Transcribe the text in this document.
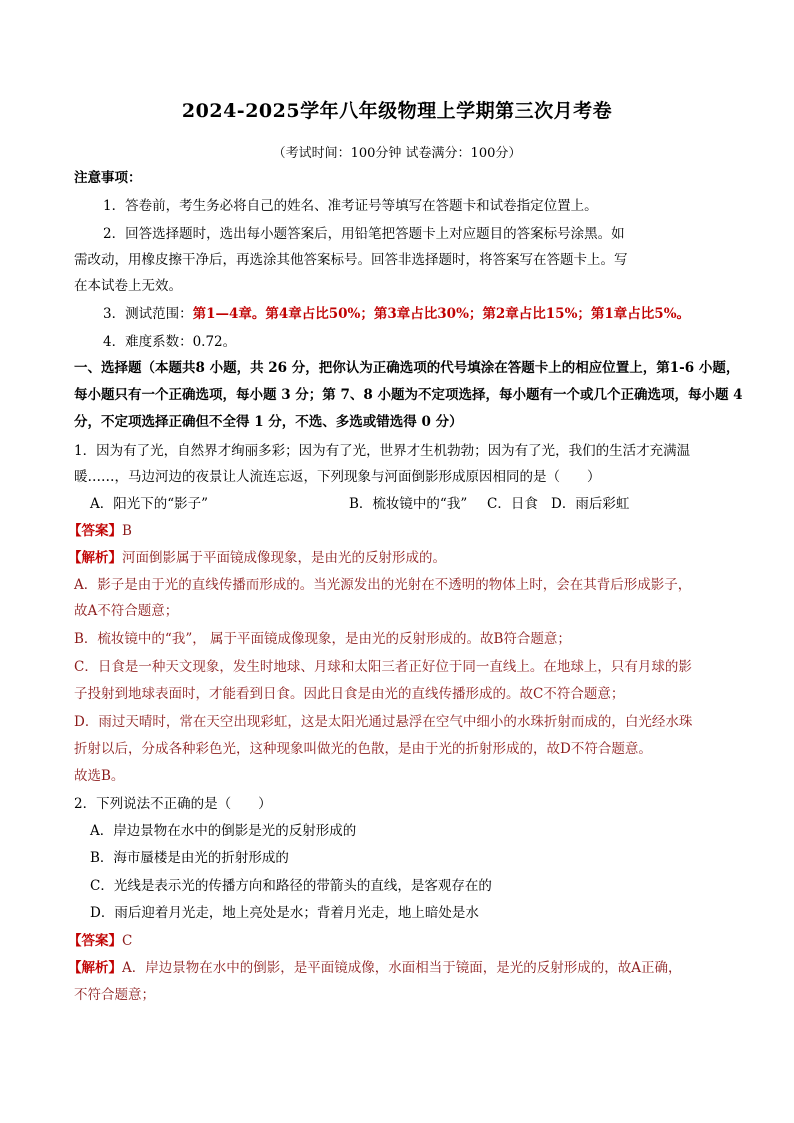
2024-2025学年八年级物理上学期第三次月考卷
（考试时间：100分钟 试卷满分：100分）
注意事项：
1．答卷前，考生务必将自己的姓名、准考证号等填写在答题卡和试卷指定位置上。
2．回答选择题时，选出每小题答案后，用铅笔把答题卡上对应题目的答案标号涂黑。如
需改动，用橡皮擦干净后，再选涂其他答案标号。回答非选择题时，将答案写在答题卡上。写
在本试卷上无效。
3．测试范围：第1—4章。第4章占比50%；第3章占比30%；第2章占比15%；第1章占比5%。
4．难度系数：0.72。
一、选择题（本题共8 小题，共 26 分，把你认为正确选项的代号填涂在答题卡上的相应位置上，第1-6 小题，
每小题只有一个正确选项，每小题 3 分；第 7、8 小题为不定项选择，每小题有一个或几个正确选项，每小题 4
分，不定项选择正确但不全得 1 分，不选、多选或错选得 0 分）
1．因为有了光，自然界才绚丽多彩；因为有了光，世界才生机勃勃；因为有了光，我们的生活才充满温
暖……，马边河边的夜景让人流连忘返，下列现象与河面倒影形成原因相同的是（　　）
A．阳光下的“影子”	B．梳妆镜中的“我” C．日食 D．雨后彩虹
【答案】B
【解析】河面倒影属于平面镜成像现象，是由光的反射形成的。
A．影子是由于光的直线传播而形成的。当光源发出的光射在不透明的物体上时，会在其背后形成影子，
故A不符合题意；
B．梳妆镜中的“我”， 属于平面镜成像现象，是由光的反射形成的。故B符合题意；
C．日食是一种天文现象，发生时地球、月球和太阳三者正好位于同一直线上。在地球上，只有月球的影
子投射到地球表面时，才能看到日食。因此日食是由光的直线传播形成的。故C不符合题意；
D．雨过天晴时，常在天空出现彩虹，这是太阳光通过悬浮在空气中细小的水珠折射而成的，白光经水珠
折射以后，分成各种彩色光，这种现象叫做光的色散，是由于光的折射形成的，故D不符合题意。
故选B。
2．下列说法不正确的是（　　）
A．岸边景物在水中的倒影是光的反射形成的
B．海市蜃楼是由光的折射形成的
C．光线是表示光的传播方向和路径的带箭头的直线，是客观存在的
D．雨后迎着月光走，地上亮处是水；背着月光走，地上暗处是水
【答案】C
【解析】A．岸边景物在水中的倒影，是平面镜成像，水面相当于镜面，是光的反射形成的，故A正确，
不符合题意；
